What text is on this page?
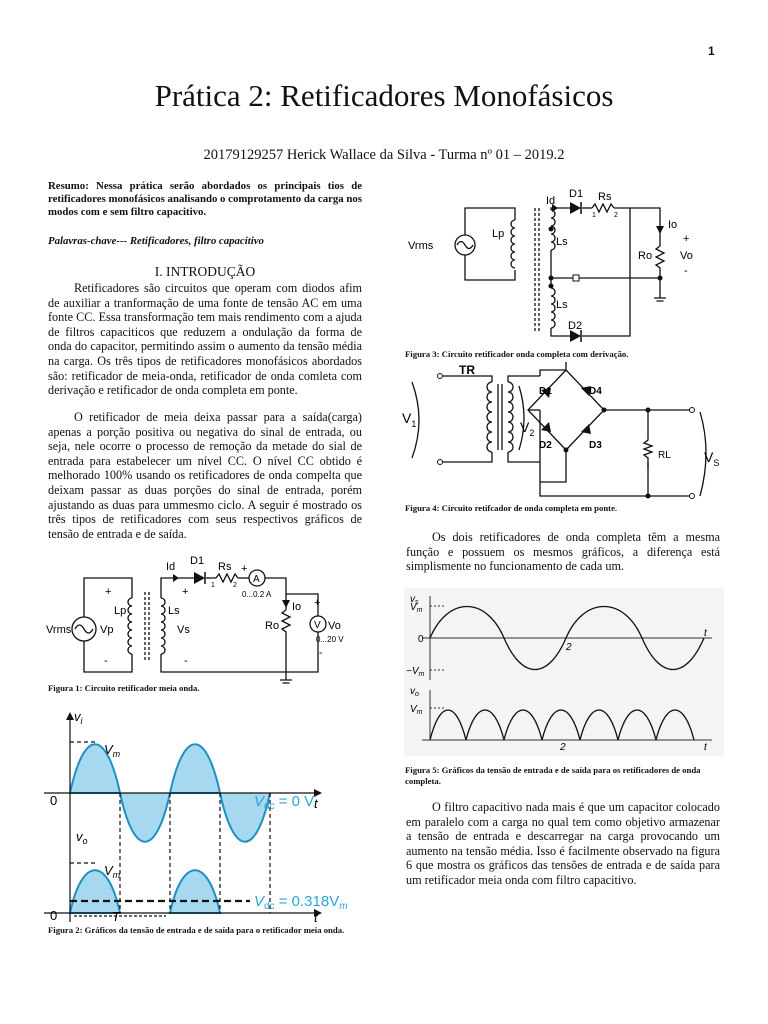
1
Prática 2: Retificadores Monofásicos
20179129257 Herick Wallace da Silva - Turma nº 01 – 2019.2
Resumo: Nessa prática serão abordados os principais tios de retificadores monofásicos analisando o comprotamento da carga nos modos com e sem filtro capacitivo.
Palavras-chave--- Retificadores, filtro capacitivo
I. INTRODUÇÃO
Retificadores são circuitos que operam com diodos afim de auxiliar a tranformação de uma fonte de tensão AC em uma fonte CC. Essa transformação tem mais rendimento com a ajuda de filtros capaciticos que reduzem a ondulação da forma de onda do capacitor, permitindo assim o aumento da tensão média na carga. Os três tipos de retificadores monofásicos abordados são: retificador de meia-onda, retificador de onda comleta com derivação e retificador de onda completa em ponte.
O retificador de meia deixa passar para a saída(carga) apenas a porção positiva ou negativa do sinal de entrada, ou seja, nele ocorre o processo de remoção da metade do sial de entrada para estabelecer um nível CC. O nível CC obtido é melhorado 100% usando os retificadores de onda compelta que deixam passar as duas porções do sinal de entrada, porém ajustando as duas para ummesmo ciclo. A seguir é mostrado os três tipos de retificadores com seus respectivos gráficos de tensão de entrada e de saída.
Vrms	Vp
Lp
+
-
Ls
Vs
+
-
Id D1 Rs
1	2
+
A
0...0.2 A
Io
Ro
+
V Vo
0...20 V
-
Figura 1: Circuito retificador meia onda.
$v_i$
$v_o$
$V_m$
$V_m$
0
0
t
t
T
$V_{dc} = 0$ V
$V_{dc} = 0.318V_m$
Figura 2: Gráficos da tensão de entrada e de saída para o retificador meia onda.
Vrms
Lp
Id
D1 Rs
1	2
Ls
Ls
D2
Io
+
Ro	Vo
-
Figura 3: Circuito retificador onda completa com derivação.
TR
$V_1$	$V_2$
D1	D4
D2	D3
RL $V_S$
Figura 4: Circuito retifcador de onda completa em ponte.
Os dois retificadores de onda completa têm a mesma função e possuem os mesmos gráficos, a diferença está simplismente no funcionamento de cada um.
$v_s$
$V_m$
0
$-V_m$
t
2
$v_o$
$V_m$
2	t
Figura 5: Gráficos da tensão de entrada e de saída para os retificadores de onda completa.
O filtro capacitivo nada mais é que um capacitor colocado em paralelo com a carga no qual tem como objetivo armazenar a tensão de entrada e descarregar na carga provocando um aumento na tensão média. Isso é facilmente observado na figura 6 que mostra os gráficos das tensões de entrada e de saída para um retificador meia onda com filtro capacitivo.
